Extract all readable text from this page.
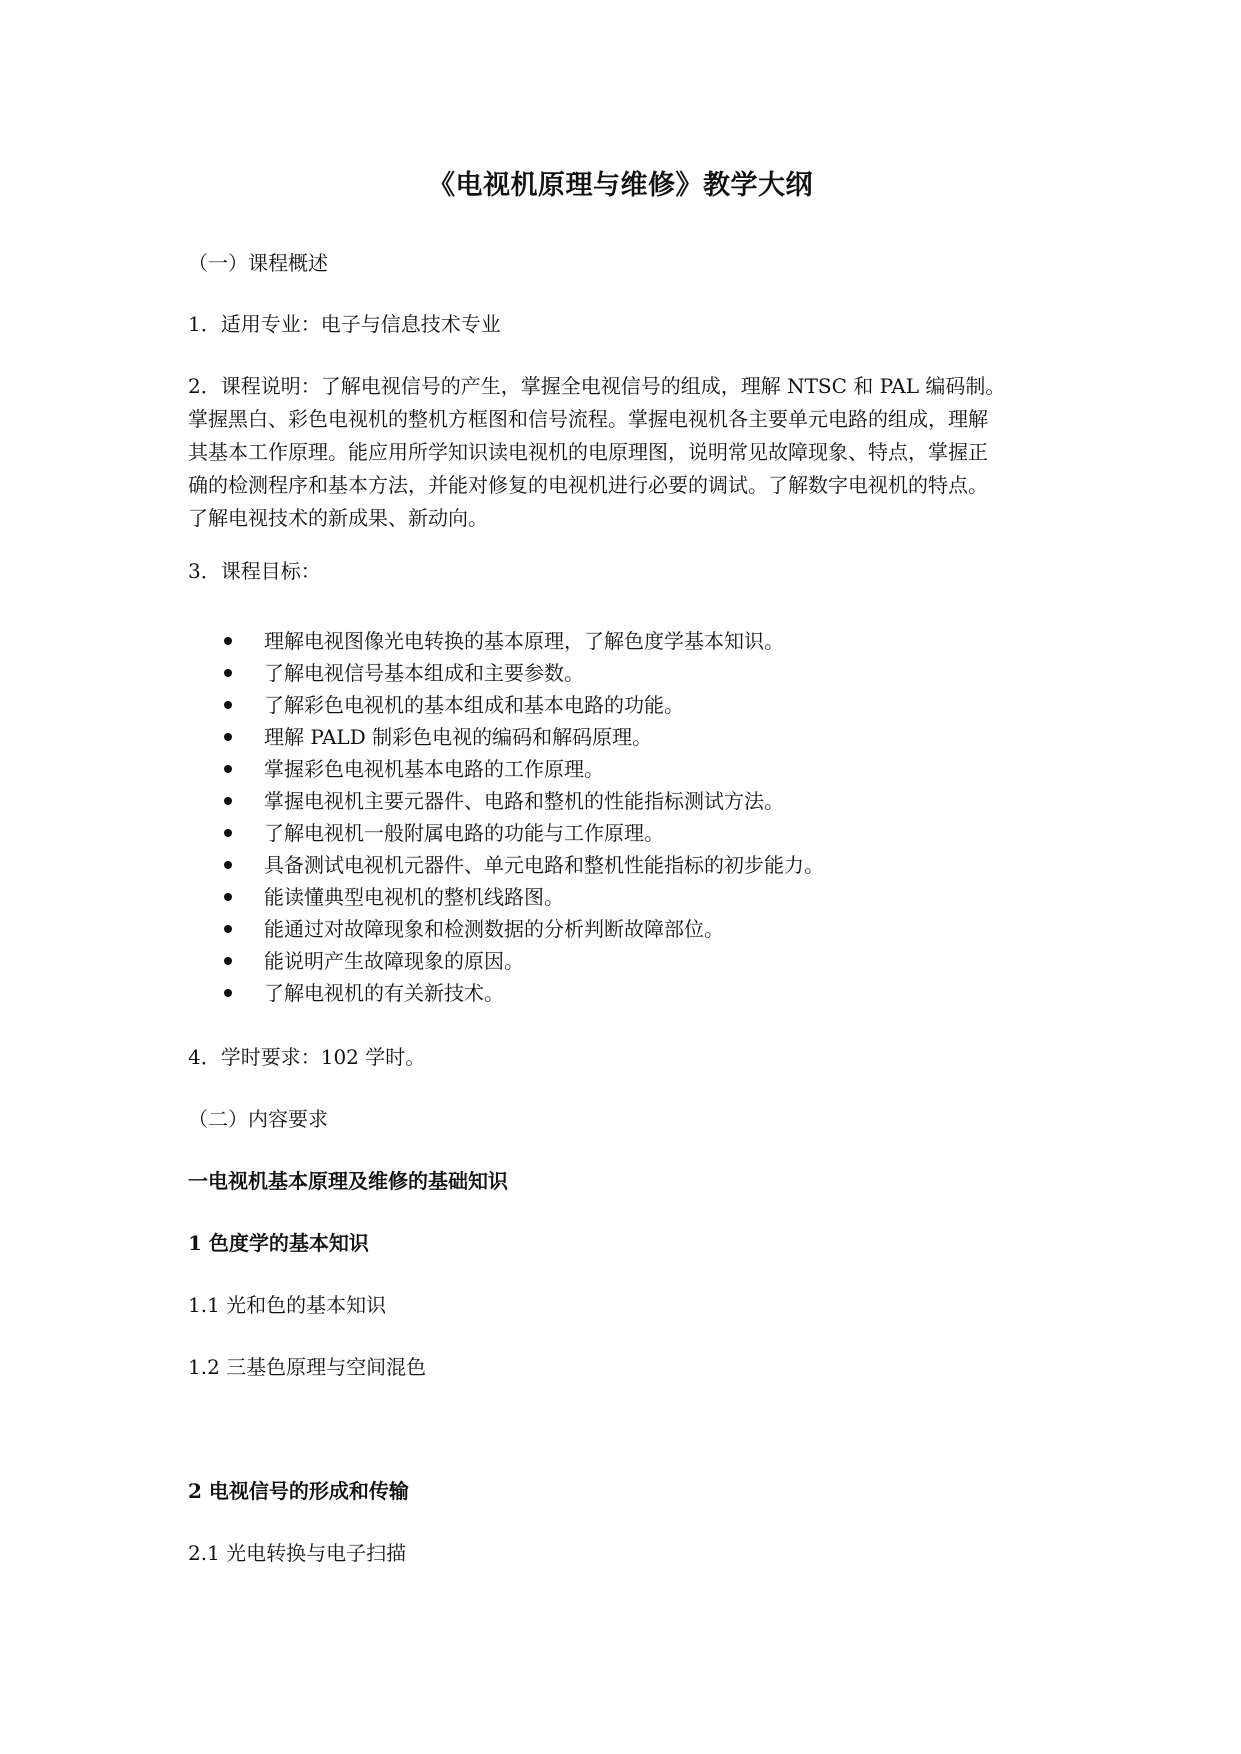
《电视机原理与维修》教学大纲
（一）课程概述
1．适用专业：电子与信息技术专业
2．课程说明：了解电视信号的产生，掌握全电视信号的组成，理解 NTSC 和 PAL 编码制。
掌握黑白、彩色电视机的整机方框图和信号流程。掌握电视机各主要单元电路的组成，理解
其基本工作原理。能应用所学知识读电视机的电原理图，说明常见故障现象、特点，掌握正
确的检测程序和基本方法，并能对修复的电视机进行必要的调试。了解数字电视机的特点。
了解电视技术的新成果、新动向。
3．课程目标：
理解电视图像光电转换的基本原理，了解色度学基本知识。
了解电视信号基本组成和主要参数。
了解彩色电视机的基本组成和基本电路的功能。
理解 PALD 制彩色电视的编码和解码原理。
掌握彩色电视机基本电路的工作原理。
掌握电视机主要元器件、电路和整机的性能指标测试方法。
了解电视机一般附属电路的功能与工作原理。
具备测试电视机元器件、单元电路和整机性能指标的初步能力。
能读懂典型电视机的整机线路图。
能通过对故障现象和检测数据的分析判断故障部位。
能说明产生故障现象的原因。
了解电视机的有关新技术。
4．学时要求：102 学时。
（二）内容要求
一电视机基本原理及维修的基础知识
1 色度学的基本知识
1.1 光和色的基本知识
1.2 三基色原理与空间混色
2 电视信号的形成和传输
2.1 光电转换与电子扫描
